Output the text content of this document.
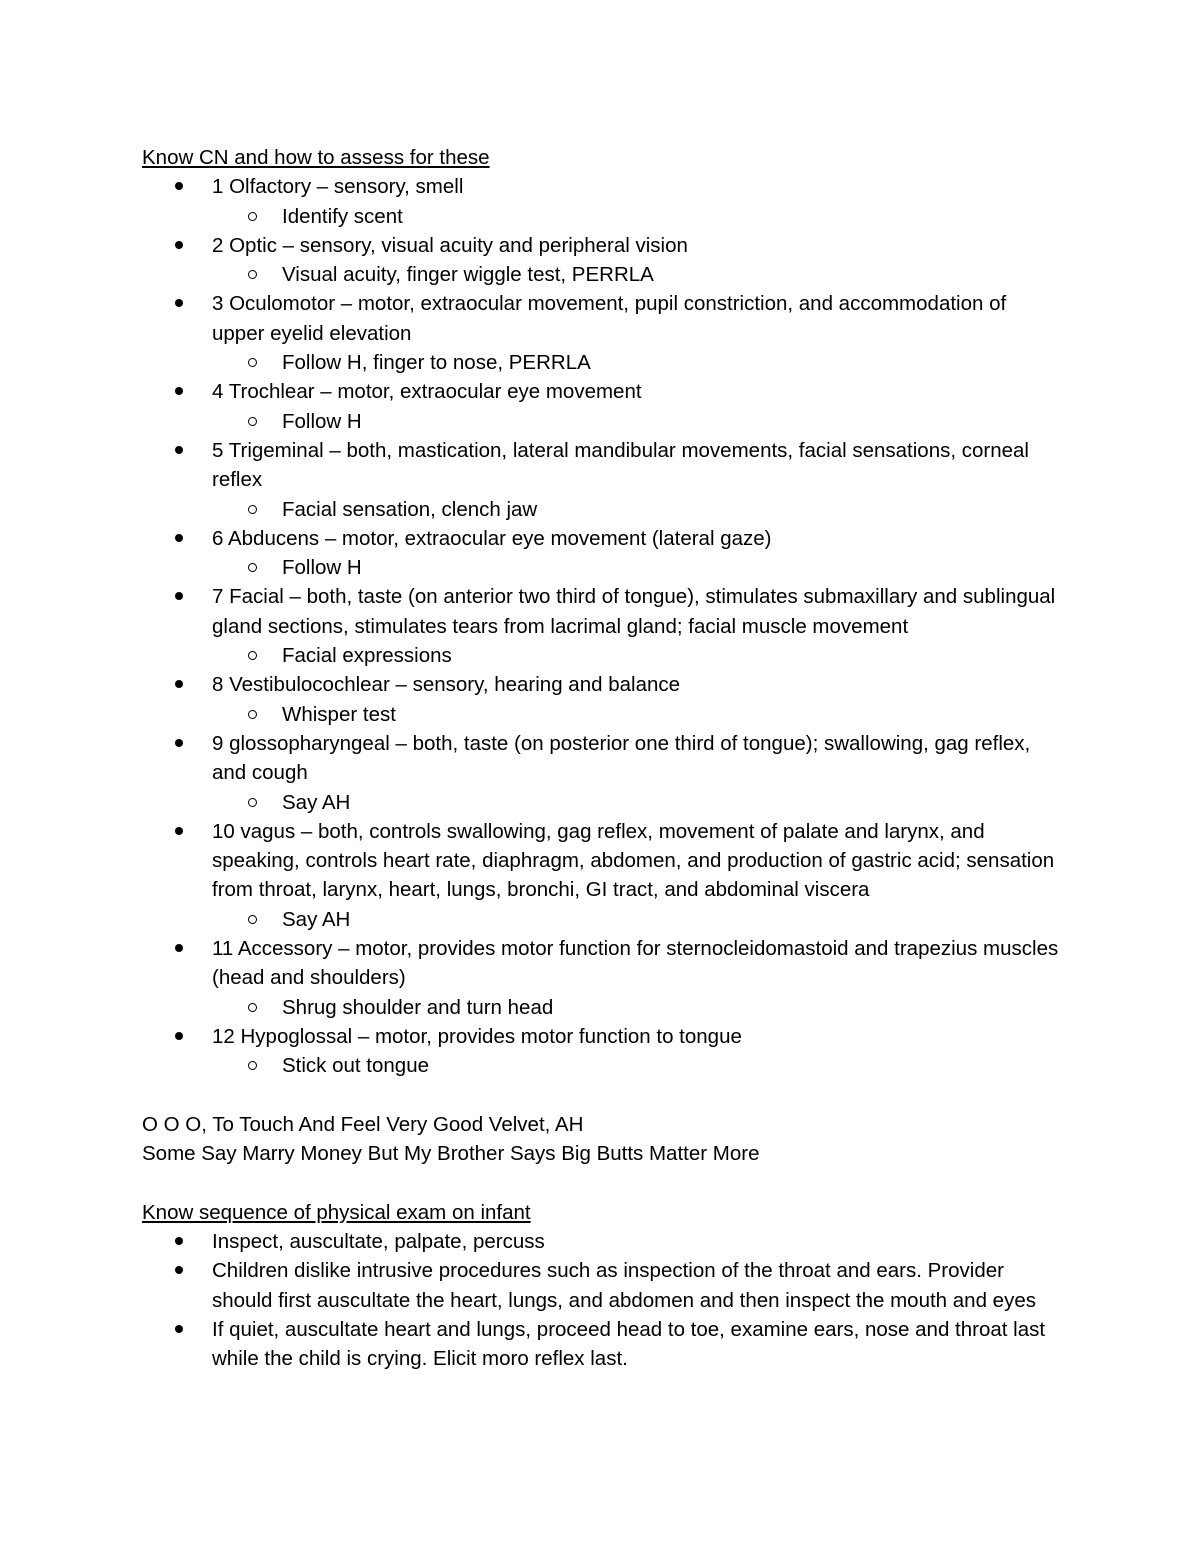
Know CN and how to assess for these

1 Olfactory – sensory, smell
Identify scent
2 Optic – sensory, visual acuity and peripheral vision
Visual acuity, finger wiggle test, PERRLA
3 Oculomotor – motor, extraocular movement, pupil constriction, and accommodation of upper eyelid elevation
Follow H, finger to nose, PERRLA
4 Trochlear – motor, extraocular eye movement
Follow H
5 Trigeminal – both, mastication, lateral mandibular movements, facial sensations, corneal reflex
Facial sensation, clench jaw
6 Abducens – motor, extraocular eye movement (lateral gaze)
Follow H
7 Facial – both, taste (on anterior two third of tongue), stimulates submaxillary and sublingual gland sections, stimulates tears from lacrimal gland; facial muscle movement
Facial expressions
8 Vestibulocochlear – sensory, hearing and balance
Whisper test
9 glossopharyngeal – both, taste (on posterior one third of tongue); swallowing, gag reflex, and cough
Say AH
10 vagus – both, controls swallowing, gag reflex, movement of palate and larynx, and speaking, controls heart rate, diaphragm, abdomen, and production of gastric acid; sensation from throat, larynx, heart, lungs, bronchi, GI tract, and abdominal viscera
Say AH
11 Accessory – motor, provides motor function for sternocleidomastoid and trapezius muscles (head and shoulders)
Shrug shoulder and turn head
12 Hypoglossal – motor, provides motor function to tongue
Stick out tongue

O O O, To Touch And Feel Very Good Velvet, AH

Some Say Marry Money But My Brother Says Big Butts Matter More

Know sequence of physical exam on infant

Inspect, auscultate, palpate, percuss
Children dislike intrusive procedures such as inspection of the throat and ears. Provider should first auscultate the heart, lungs, and abdomen and then inspect the mouth and eyes
If quiet, auscultate heart and lungs, proceed head to toe, examine ears, nose and throat last while the child is crying. Elicit moro reflex last.
